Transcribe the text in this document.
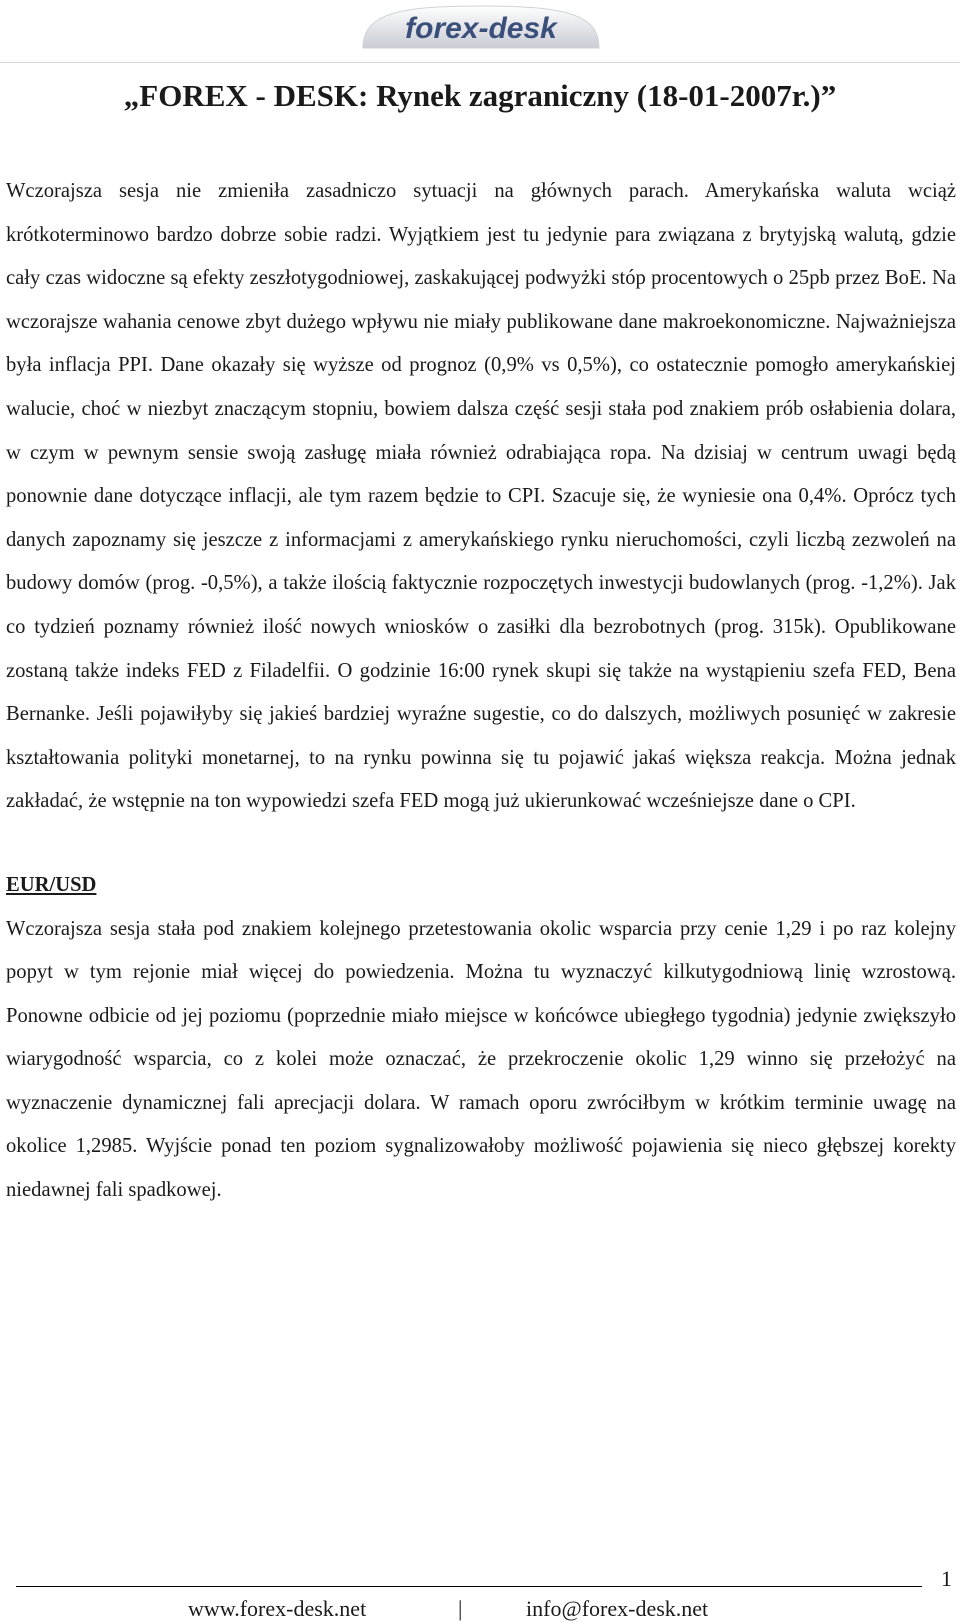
forex-desk
„FOREX - DESK: Rynek zagraniczny (18-01-2007r.)”

Wczorajsza sesja nie zmieniła zasadniczo sytuacji na głównych parach. Amerykańska waluta wciąż krótkoterminowo bardzo dobrze sobie radzi. Wyjątkiem jest tu jedynie para związana z brytyjską walutą, gdzie cały czas widoczne są efekty zeszłotygodniowej, zaskakującej podwyżki stóp procentowych o 25pb przez BoE. Na wczorajsze wahania cenowe zbyt dużego wpływu nie miały publikowane dane makroekonomiczne. Najważniejsza była inflacja PPI. Dane okazały się wyższe od prognoz (0,9% vs 0,5%), co ostatecznie pomogło amerykańskiej walucie, choć w niezbyt znaczącym stopniu, bowiem dalsza część sesji stała pod znakiem prób osłabienia dolara, w czym w pewnym sensie swoją zasługę miała również odrabiająca ropa. Na dzisiaj w centrum uwagi będą ponownie dane dotyczące inflacji, ale tym razem będzie to CPI. Szacuje się, że wyniesie ona 0,4%. Oprócz tych danych zapoznamy się jeszcze z informacjami z amerykańskiego rynku nieruchomości, czyli liczbą zezwoleń na budowy domów (prog. -0,5%), a także ilością faktycznie rozpoczętych inwestycji budowlanych (prog. -1,2%). Jak co tydzień poznamy również ilość nowych wniosków o zasiłki dla bezrobotnych (prog. 315k). Opublikowane zostaną także indeks FED z Filadelfii. O godzinie 16:00 rynek skupi się także na wystąpieniu szefa FED, Bena Bernanke. Jeśli pojawiłyby się jakieś bardziej wyraźne sugestie, co do dalszych, możliwych posunięć w zakresie kształtowania polityki monetarnej, to na rynku powinna się tu pojawić jakaś większa reakcja. Można jednak zakładać, że wstępnie na ton wypowiedzi szefa FED mogą już ukierunkować wcześniejsze dane o CPI.

EUR/USD

Wczorajsza sesja stała pod znakiem kolejnego przetestowania okolic wsparcia przy cenie 1,29 i po raz kolejny popyt w tym rejonie miał więcej do powiedzenia. Można tu wyznaczyć kilkutygodniową linię wzrostową. Ponowne odbicie od jej poziomu (poprzednie miało miejsce w końcówce ubiegłego tygodnia) jedynie zwiększyło wiarygodność wsparcia, co z kolei może oznaczać, że przekroczenie okolic 1,29 winno się przełożyć na wyznaczenie dynamicznej fali aprecjacji dolara. W ramach oporu zwróciłbym w krótkim terminie uwagę na okolice 1,2985. Wyjście ponad ten poziom sygnalizowałoby możliwość pojawienia się nieco głębszej korekty niedawnej fali spadkowej.

1
www.forex-desk.net	|	info@forex-desk.net
